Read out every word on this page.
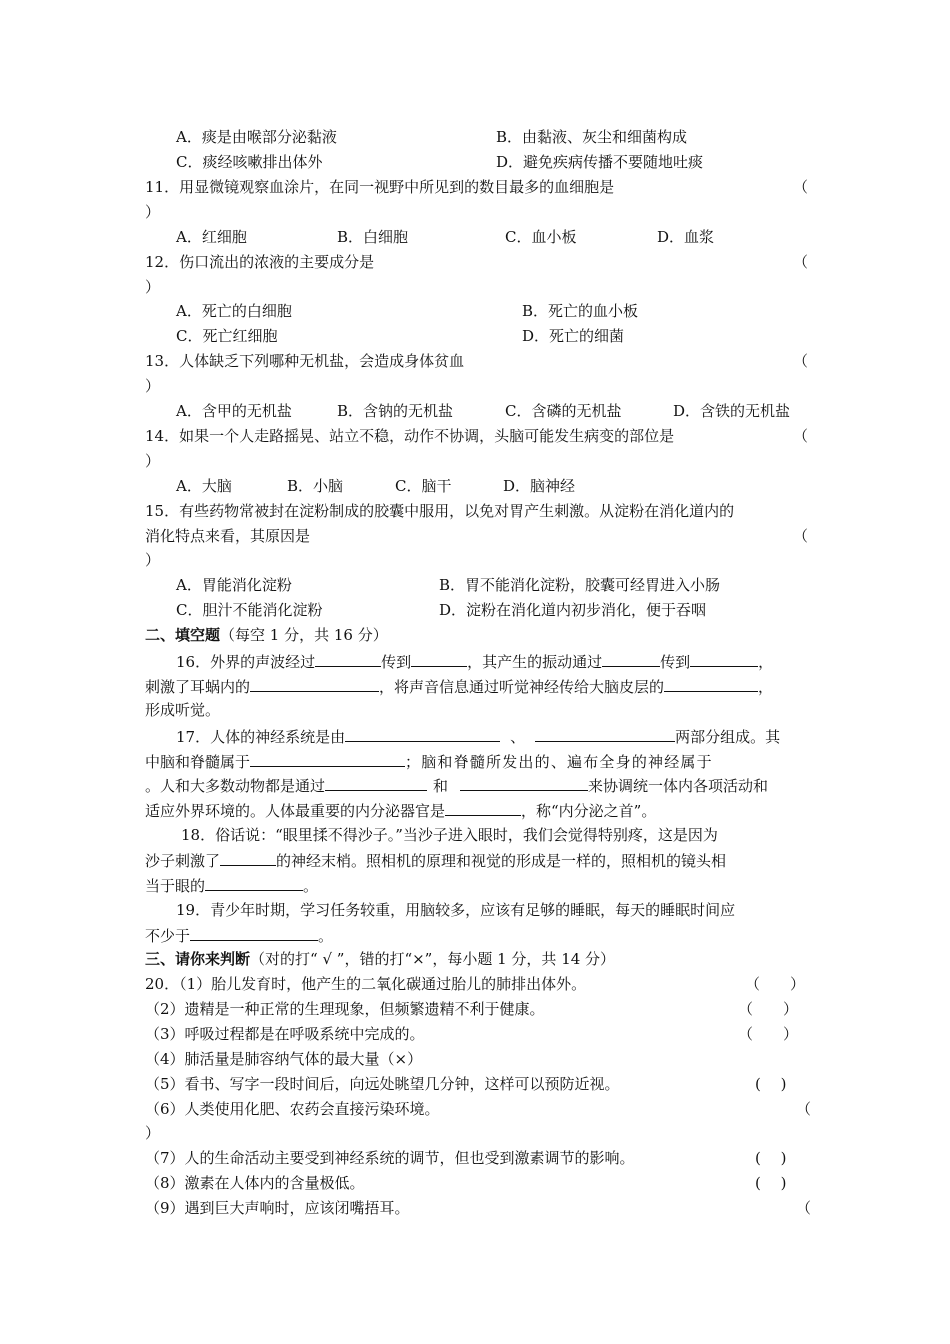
A．痰是由喉部分泌黏液	B．由黏液、灰尘和细菌构成
C．痰经咳嗽排出体外	D．避免疾病传播不要随地吐痰
11．用显微镜观察血涂片，在同一视野中所见到的数目最多的血细胞是	（
）
A．红细胞	B．白细胞	C．血小板	D．血浆
12．伤口流出的浓液的主要成分是	（
）
A．死亡的白细胞	B．死亡的血小板
C．死亡红细胞	D．死亡的细菌
13．人体缺乏下列哪种无机盐，会造成身体贫血	（
）
A．含甲的无机盐	B．含钠的无机盐	C．含磷的无机盐	D．含铁的无机盐
14．如果一个人走路摇晃、站立不稳，动作不协调，头脑可能发生病变的部位是	（
）
A．大脑	B．小脑	C．脑干	D．脑神经
15．有些药物常被封在淀粉制成的胶囊中服用，以免对胃产生刺激。从淀粉在消化道内的
消化特点来看，其原因是	（
）
A．胃能消化淀粉	B．胃不能消化淀粉，胶囊可经胃进入小肠
C．胆汁不能消化淀粉	D．淀粉在消化道内初步消化，便于吞咽
二、填空题（每空 1 分，共 16 分）
16．外界的声波经过	传到	，其产生的振动通过	传到	，
刺激了耳蜗内的	，将声音信息通过听觉神经传给大脑皮层的	，
形成听觉。
17．人体的神经系统是由	、	两部分组成。其
中脑和脊髓属于	；脑和脊髓所发出的、遍布全身的神经属于
。人和大多数动物都是通过	和	来协调统一体内各项活动和
适应外界环境的。人体最重要的内分泌器官是	，称“内分泌之首”。
18．俗话说：“眼里揉不得沙子。”当沙子进入眼时，我们会觉得特别疼，这是因为
沙子刺激了	的神经末梢。照相机的原理和视觉的形成是一样的，照相机的镜头相
当于眼的	。
19．青少年时期，学习任务较重，用脑较多，应该有足够的睡眠，每天的睡眠时间应
不少于	。
三、请你来判断（对的打“ √ ”，错的打“×”，每小题 1 分，共 14 分）
20．（1）胎儿发育时，他产生的二氧化碳通过胎儿的肺排出体外。	（　　）
（2）遗精是一种正常的生理现象，但频繁遗精不利于健康。	（　　）
（3）呼吸过程都是在呼吸系统中完成的。	（　　）
（4）肺活量是肺容纳气体的最大量（×）
（5）看书、写字一段时间后，向远处眺望几分钟，这样可以预防近视。	(　 )
（6）人类使用化肥、农药会直接污染环境。	（
）
（7）人的生命活动主要受到神经系统的调节，但也受到激素调节的影响。	(　 )
（8）激素在人体内的含量极低。	(　 )
（9）遇到巨大声响时，应该闭嘴捂耳。	（
